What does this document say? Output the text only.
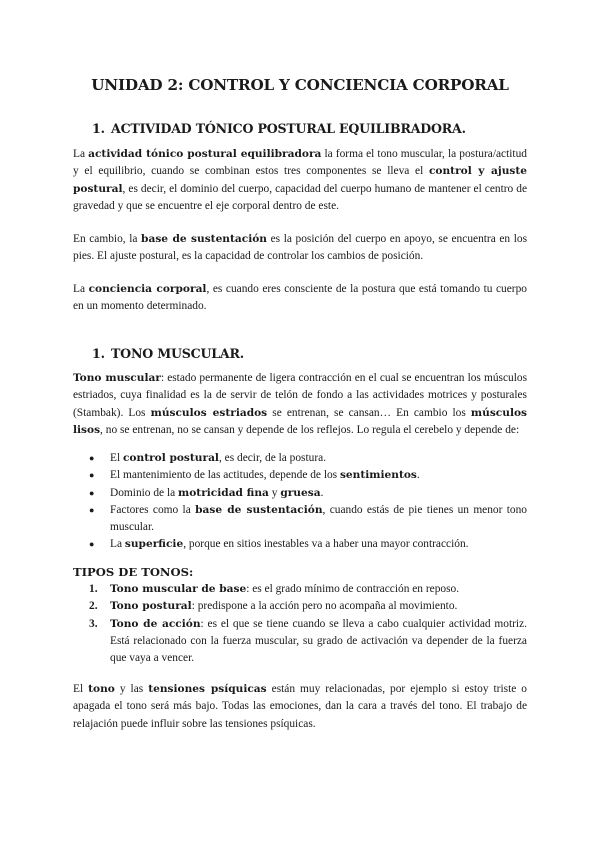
UNIDAD 2: CONTROL Y CONCIENCIA CORPORAL
1. ACTIVIDAD TÓNICO POSTURAL EQUILIBRADORA.

La actividad tónico postural equilibradora la forma el tono muscular, la postura/actitud y el equilibrio, cuando se combinan estos tres componentes se lleva el control y ajuste postural, es decir, el dominio del cuerpo, capacidad del cuerpo humano de mantener el centro de gravedad y que se encuentre el eje corporal dentro de este.

En cambio, la base de sustentación es la posición del cuerpo en apoyo, se encuentra en los pies. El ajuste postural, es la capacidad de controlar los cambios de posición.

La conciencia corporal, es cuando eres consciente de la postura que está tomando tu cuerpo en un momento determinado.

1. TONO MUSCULAR.

Tono muscular: estado permanente de ligera contracción en el cual se encuentran los músculos estriados, cuya finalidad es la de servir de telón de fondo a las actividades motrices y posturales (Stambak). Los músculos estriados se entrenan, se cansan… En cambio los músculos lisos, no se entrenan, no se cansan y depende de los reflejos. Lo regula el cerebelo y depende de:

● El control postural, es decir, de la postura.
● El mantenimiento de las actitudes, depende de los sentimientos.
● Dominio de la motricidad fina y gruesa.
● Factores como la base de sustentación, cuando estás de pie tienes un menor tono muscular.
● La superficie, porque en sitios inestables va a haber una mayor contracción.
TIPOS DE TONOS:
1. Tono muscular de base: es el grado mínimo de contracción en reposo.
2. Tono postural: predispone a la acción pero no acompaña al movimiento.
3. Tono de acción: es el que se tiene cuando se lleva a cabo cualquier actividad motriz. Está relacionado con la fuerza muscular, su grado de activación va depender de la fuerza que vaya a vencer.

El tono y las tensiones psíquicas están muy relacionadas, por ejemplo si estoy triste o apagada el tono será más bajo. Todas las emociones, dan la cara a través del tono. El trabajo de relajación puede influir sobre las tensiones psíquicas.
